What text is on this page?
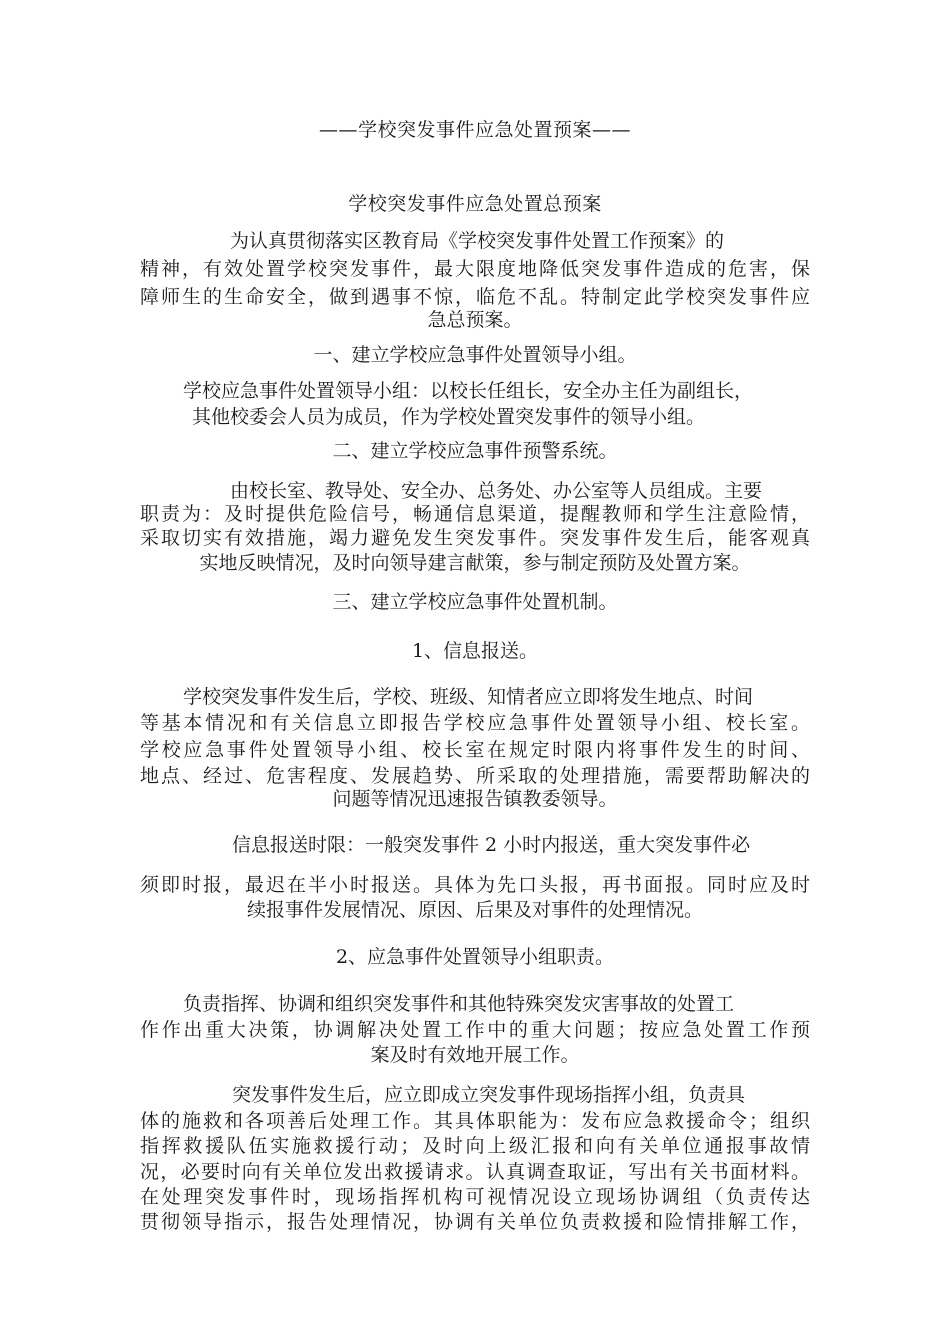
——学校突发事件应急处置预案——
学校突发事件应急处置总预案
为认真贯彻落实区教育局《学校突发事件处置工作预案》的
精神，有效处置学校突发事件，最大限度地降低突发事件造成的危害，保
障师生的生命安全，做到遇事不惊，临危不乱。特制定此学校突发事件应
急总预案。
一、建立学校应急事件处置领导小组。
学校应急事件处置领导小组：以校长任组长，安全办主任为副组长，
其他校委会人员为成员，作为学校处置突发事件的领导小组。
二、建立学校应急事件预警系统。
由校长室、教导处、安全办、总务处、办公室等人员组成。主要
职责为：及时提供危险信号，畅通信息渠道，提醒教师和学生注意险情，
采取切实有效措施，竭力避免发生突发事件。突发事件发生后，能客观真
实地反映情况，及时向领导建言献策，参与制定预防及处置方案。
三、建立学校应急事件处置机制。
1、信息报送。
学校突发事件发生后，学校、班级、知情者应立即将发生地点、时间
等基本情况和有关信息立即报告学校应急事件处置领导小组、校长室。
学校应急事件处置领导小组、校长室在规定时限内将事件发生的时间、
地点、经过、危害程度、发展趋势、所采取的处理措施，需要帮助解决的
问题等情况迅速报告镇教委领导。
信息报送时限：一般突发事件 2 小时内报送，重大突发事件必
须即时报，最迟在半小时报送。具体为先口头报，再书面报。同时应及时
续报事件发展情况、原因、后果及对事件的处理情况。
2、应急事件处置领导小组职责。
负责指挥、协调和组织突发事件和其他特殊突发灾害事故的处置工
作作出重大决策，协调解决处置工作中的重大问题；按应急处置工作预
案及时有效地开展工作。
突发事件发生后，应立即成立突发事件现场指挥小组，负责具
体的施救和各项善后处理工作。其具体职能为：发布应急救援命令；组织
指挥救援队伍实施救援行动；及时向上级汇报和向有关单位通报事故情
况，必要时向有关单位发出救援请求。认真调查取证，写出有关书面材料。
在处理突发事件时，现场指挥机构可视情况设立现场协调组（负责传达
贯彻领导指示，报告处理情况，协调有关单位负责救援和险情排解工作，
